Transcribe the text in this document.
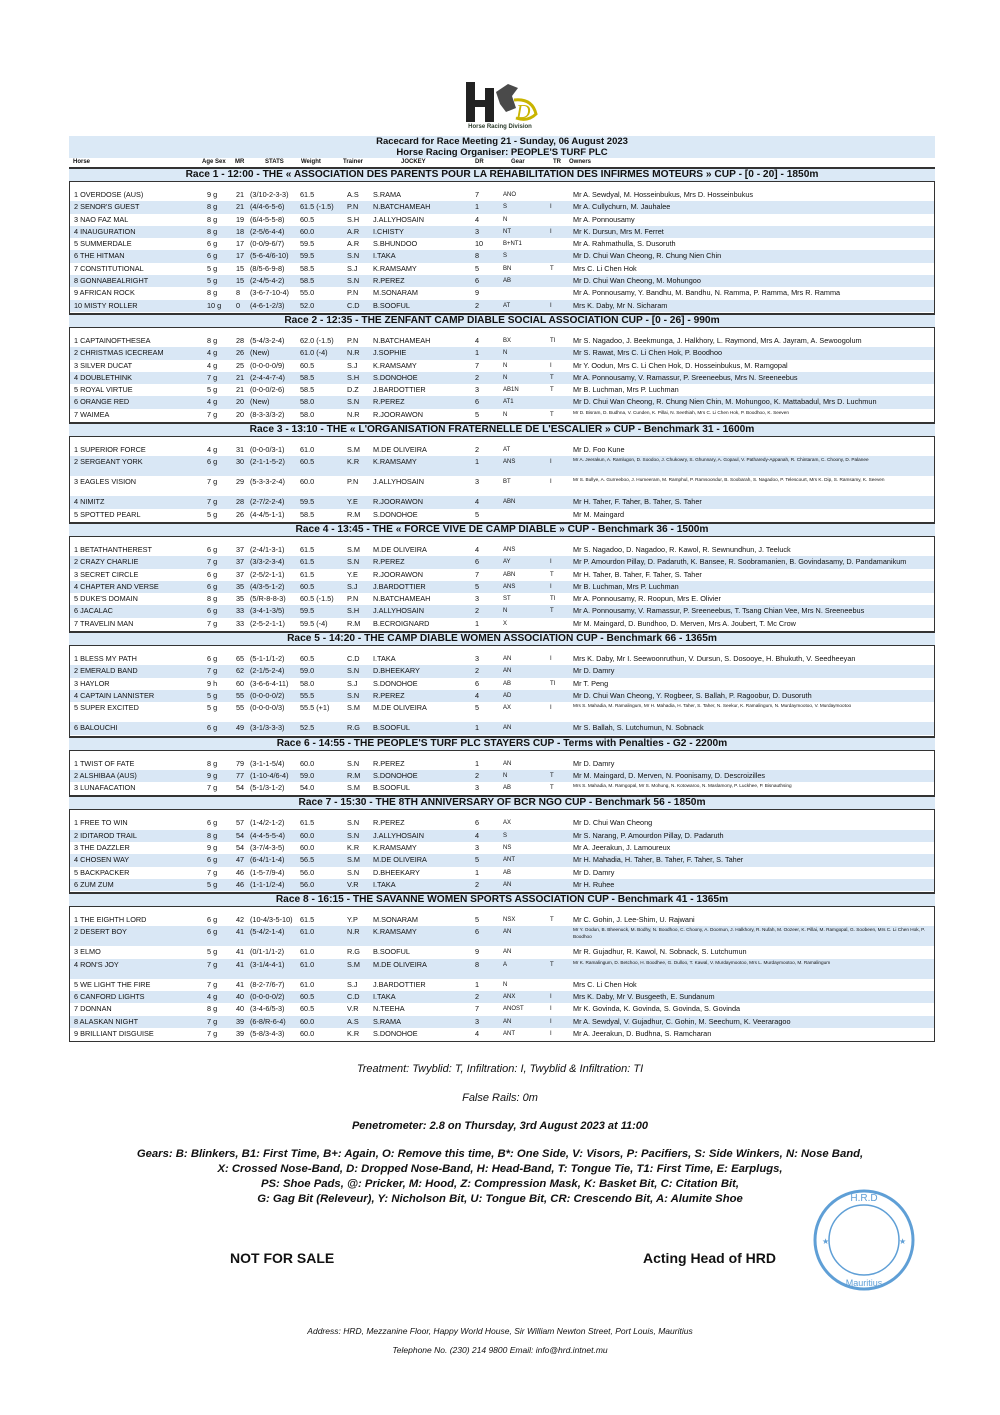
D
Horse Racing Division
Racecard for Race Meeting 21 - Sunday, 06 August 2023
Horse Racing Organiser: PEOPLE'S TURF PLC
Horse	Age Sex MR	STATS	Weight	Trainer	JOCKEY	DR	Gear	TR Owners
Race 1 - 12:00 - THE « ASSOCIATION DES PARENTS POUR LA RÉHABILITATION DES INFIRMES MOTEURS » CUP - [0 - 20] - 1850m
1 OVERDOSE (AUS)	9 g	21 (3/10-2-3-3)	61.5	A.S	S.RAMA	7	ANO	Mr A. Sewdyal, M. Hosseinbukus, Mrs D. Hosseinbukus
2 SENOR'S GUEST	8 g	21 (4/4-6-5-6)	61.5 (-1.5)	P.N	N.BATCHAMEAH	1	S	I	Mr A. Cullychurn, M. Jauhalee
3 NAO FAZ MAL	8 g	19 (6/4-5-5-8)	60.5	S.H	J.ALLYHOSAIN	4	N	Mr A. Ponnousamy
4 INAUGURATION	8 g	18 (2-5/6-4-4)	60.0	A.R	I.CHISTY	3	NT	I	Mr K. Dursun, Mrs M. Ferret
5 SUMMERDALE	6 g	17 (0-0/9-6/7)	59.5	A.R	S.BHUNDOO	10	B+NT1	Mr A. Rahmathulla, S. Dusoruth
6 THE HITMAN	6 g	17 (5-6-4/6-10)	59.5	S.N	I.TAKA	8	S	Mr D. Chui Wan Cheong, R. Chung Nien Chin
7 CONSTITUTIONAL	5 g	15 (8/5-6-9-8)	58.5	S.J	K.RAMSAMY	5	BN	T	Mrs C. Li Chen Hok
8 GONNABEALRIGHT	5 g	15 (2-4/5-4-2)	58.5	S.N	R.PEREZ	6	AB	Mr D. Chui Wan Cheong, M. Mohungoo
9 AFRICAN ROCK	8 g	8	(3-6-7-10-4)	55.0	P.N	M.SONARAM	9	Mr A. Ponnousamy, Y. Bandhu, M. Bandhu, N. Ramma, P. Ramma, Mrs R. Ramma
10 MISTY ROLLER	10 g	0	(4-6-1-2/3)	52.0	C.D	B.SOOFUL	2	AT	I	Mrs K. Daby, Mr N. Sicharam
Race 2 - 12:35 - THE ZENFANT CAMP DIABLE SOCIAL ASSOCIATION CUP - [0 - 26] - 990m
1 CAPTAINOFTHESEA	8 g	28 (5-4/3-2-4)	62.0 (-1.5)	P.N	N.BATCHAMEAH	4	BX	TI	Mr S. Nagadoo, J. Beekmunga, J. Halkhory, L. Raymond, Mrs A. Jayram, A. Sewoogolum
2 CHRISTMAS ICECREAM	4 g	26 (New)	61.0 (-4)	N.R	J.SOPHIE	1	N	Mr S. Rawat, Mrs C. Li Chen Hok, P. Boodhoo
3 SILVER DUCAT	4 g	25 (0-0-0-0/9)	60.5	S.J	K.RAMSAMY	7	N	I	Mr Y. Oodun, Mrs C. Li Chen Hok, D. Hosseinbukus, M. Ramgopal
4 DOUBLETHINK	7 g	21 (2-4-4-7-4)	58.5	S.H	S.DONOHOE	2	N	T	Mr A. Ponnousamy, V. Ramassur, P. Sreeneebus, Mrs N. Sreeneebus
5 ROYAL VIRTUE	5 g	21 (0-0-0/2-6)	58.5	D.Z	J.BARDOTTIER	3	AB1N	T	Mr B. Luchman, Mrs P. Luchman
6 ORANGE RED	4 g	20 (New)	58.0	S.N	R.PEREZ	6	AT1	Mr D. Chui Wan Cheong, R. Chung Nien Chin, M. Mohungoo, K. Mattabadul, Mrs D. Luchmun
7 WAIMEA	7 g	20 (8-3-3/3-2)	58.0	N.R	R.JOORAWON	5	N	T	Mr D. Bisram, D. Budhna, V. Cunden, K. Pillai, N. Seethiah, Mrs C. Li Chen Hok, P. Boodhoo, K. Seeven
Race 3 - 13:10 - THE « L'ORGANISATION FRATERNELLE DE L'ESCALIER » CUP - Benchmark 31 - 1600m
1 SUPERIOR FORCE	4 g	31 (0-0-0/3-1)	61.0	S.M	M.DE OLIVEIRA	2	AT	Mr D. Foo Kune
2 SERGEANT YORK	6 g	30 (2-1-1-5-2)	60.5	K.R	K.RAMSAMY	1	ANS	I	Mr A. Jeerakun, A. Ramlugon, D. Soodoo, J. Chukowry, S. Ghunnary, A. Gopaul, V. Patharedy-Appanah, R. Chintaram, C. Choony, D. Palanee
3 EAGLES VISION	7 g	29 (5-3-3-2-4)	60.0	P.N	J.ALLYHOSAIN	3	BT	I	Mr S. Bullye, A. Gurreeboo, J. Humeeram, M. Ramphul, P. Ramsoondur, B. Soobarah, S. Nagadoo, P. Telescourt, Mrs K. Dip, S. Ramsamy, K. Seeven
4 NIMITZ	7 g	28 (2-7/2-2-4)	59.5	Y.E	R.JOORAWON	4	ABN	Mr H. Taher, F. Taher, B. Taher, S. Taher
5 SPOTTED PEARL	5 g	26 (4-4/5-1-1)	58.5	R.M	S.DONOHOE	5	Mr M. Maingard
Race 4 - 13:45 - THE « FORCE VIVE DE CAMP DIABLE » CUP - Benchmark 36 - 1500m
1 BETATHANTHEREST	6 g	37 (2-4/1-3-1)	61.5	S.M	M.DE OLIVEIRA	4	ANS	Mr S. Nagadoo, D. Nagadoo, R. Kawol, R. Sewnundhun, J. Teeluck
2 CRAZY CHARLIE	7 g	37 (3/3-2-3-4)	61.5	S.N	R.PEREZ	6	AY	I	Mr P. Amourdon Pillay, D. Padaruth, K. Bansee, R. Soobramanien, B. Govindasamy, D. Pandamanikum
3 SECRET CIRCLE	6 g	37 (2-5/2-1-1)	61.5	Y.E	R.JOORAWON	7	ABN	T	Mr H. Taher, B. Taher, F. Taher, S. Taher
4 CHAPTER AND VERSE	6 g	35 (4/3-5-1-2)	60.5	S.J	J.BARDOTTIER	5	ANS	I	Mr B. Luchman, Mrs P. Luchman
5 DUKE'S DOMAIN	8 g	35 (5/R-8-8-3)	60.5 (-1.5)	P.N	N.BATCHAMEAH	3	ST	TI	Mr A. Ponnousamy, R. Roopun, Mrs E. Olivier
6 JACALAC	6 g	33 (3-4-1-3/5)	59.5	S.H	J.ALLYHOSAIN	2	N	T	Mr A. Ponnousamy, V. Ramassur, P. Sreeneebus, T. Tsang Chian Vee, Mrs N. Sreeneebus
7 TRAVELIN MAN	7 g	33 (2-5-2-1-1)	59.5 (-4)	R.M	B.ECROIGNARD	1	X	Mr M. Maingard, D. Bundhoo, D. Merven, Mrs A. Joubert, T. Mc Crow
Race 5 - 14:20 - THE CAMP DIABLE WOMEN ASSOCIATION CUP - Benchmark 66 - 1365m
1 BLESS MY PATH	6 g	65 (5-1-1/1-2)	60.5	C.D	I.TAKA	3	AN	I	Mrs K. Daby, Mr I. Seewoonruthun, V. Dursun, S. Dosooye, H. Bhukuth, V. Seedheeyan
2 EMERALD BAND	7 g	62 (2-1/5-2-4)	59.0	S.N	D.BHEEKARY	2	AN	Mr D. Damry
3 HAYLOR	9 h	60 (3-6-6-4-11)	58.0	S.J	S.DONOHOE	6	AB	TI	Mr T. Peng
4 CAPTAIN LANNISTER	5 g	55 (0-0-0-0/2)	55.5	S.N	R.PEREZ	4	AD	Mr D. Chui Wan Cheong, Y. Rogbeer, S. Ballah, P. Ragoobur, D. Dusoruth
5 SUPER EXCITED	5 g	55 (0-0-0-0/3)	55.5 (+1)	S.M	M.DE OLIVEIRA	5	AX	I	Mrs S. Mahadia, M. Ramalingum, Mr H. Mahadia, H. Taher, S. Taher, N. Seekur, K. Ramalingum, N. Murdaymootoo, V. Murdaymootoo
6 BALOUCHI	6 g	49 (3-1/3-3-3)	52.5	R.G	B.SOOFUL	1	AN	Mr S. Ballah, S. Lutchumun, N. Sobnack
Race 6 - 14:55 - THE PEOPLE'S TURF PLC STAYERS CUP - Terms with Penalties - G2 - 2200m
1 TWIST OF FATE	8 g	79 (3-1-1-5/4)	60.0	S.N	R.PEREZ	1	AN	Mr D. Damry
2 ALSHIBAA (AUS)	9 g	77 (1-10-4/6-4)	59.0	R.M	S.DONOHOE	2	N	T	Mr M. Maingard, D. Merven, N. Poonisamy, D. Descroizilles
3 LUNAFACATION	7 g	54 (5-1/3-1-2)	54.0	S.M	B.SOOFUL	3	AB	T	Mrs S. Mahadia, M. Ramgopal, Mr S. Mohung, N. Kotowaroo, N. Maslamony, P. Luckhee, P. Bisnauthsing
Race 7 - 15:30 - THE 8TH ANNIVERSARY OF BCR NGO CUP - Benchmark 56 - 1850m
1 FREE TO WIN	6 g	57 (1-4/2-1-2)	61.5	S.N	R.PEREZ	6	AX	Mr D. Chui Wan Cheong
2 IDITAROD TRAIL	8 g	54 (4-4-5-5-4)	60.0	S.N	J.ALLYHOSAIN	4	S	Mr S. Narang, P. Amourdon Pillay, D. Padaruth
3 THE DAZZLER	9 g	54 (3-7/4-3-5)	60.0	K.R	K.RAMSAMY	3	NS	Mr A. Jeerakun, J. Lamoureux
4 CHOSEN WAY	6 g	47 (6-4/1-1-4)	56.5	S.M	M.DE OLIVEIRA	5	ANT	Mr H. Mahadia, H. Taher, B. Taher, F. Taher, S. Taher
5 BACKPACKER	7 g	46 (1-5-7/9-4)	56.0	S.N	D.BHEEKARY	1	AB	Mr D. Damry
6 ZUM ZUM	5 g	46 (1-1-1/2-4)	56.0	V.R	I.TAKA	2	AN	Mr H. Ruhee
Race 8 - 16:15 - THE SAVANNE WOMEN SPORTS ASSOCIATION CUP - Benchmark 41 - 1365m
1 THE EIGHTH LORD	6 g	42 (10-4/3-5-10)	61.5	Y.P	M.SONARAM	5	NSX	T	Mr C. Gohin, J. Lee-Shim, U. Rajwani
2 DESERT BOY	6 g	41 (5-4/2-1-4)	61.0	N.R	K.RAMSAMY	6	AN	Mr Y. Oodun, B. Bheenuck, M. Bodhy, N. Boodhoo, C. Choony, A. Doomun, J. Halkhory, R. Nufah, M. Oozeer, K. Pillai, M. Ramgopal, G. Soobeen, Mrs C. Li Chen Hok, P. Boodhoo
3 ELMO	5 g	41 (0/1-1/1-2)	61.0	R.G	B.SOOFUL	9	AN	Mr R. Gujadhur, R. Kawol, N. Sobnack, S. Lutchumun
4 RON'S JOY	7 g	41 (3-1/4-4-1)	61.0	S.M	M.DE OLIVEIRA	8	A	T	Mr K. Ramalingum, D. Betchoo, H. Boodhee, G. Dulloo, T. Kawal, V. Murdaymootoo, Mrs L. Murdaymootoo, M. Ramalingum
5 WE LIGHT THE FIRE	7 g	41 (8-2-7/6-7)	61.0	S.J	J.BARDOTTIER	1	N	Mrs C. Li Chen Hok
6 CANFORD LIGHTS	4 g	40 (0-0-0-0/2)	60.5	C.D	I.TAKA	2	ANX	I	Mrs K. Daby, Mr V. Busgeeth, E. Sundanum
7 DONNAN	8 g	40 (3-4-6/5-3)	60.5	V.R	N.TEEHA	7	ANOST	I	Mr K. Govinda, K. Govinda, S. Govinda, S. Govinda
8 ALASKAN NIGHT	7 g	39 (6-8/R-6-4)	60.0	A.S	S.RAMA	3	AN	I	Mr A. Sewdyal, V. Gujadhur, C. Gohin, M. Seechurn, K. Veeraragoo
9 BRILLIANT DISGUISE	7 g	39 (5-8/3-4-3)	60.0	K.R	S.DONOHOE	4	ANT	I	Mr A. Jeerakun, D. Budhna, S. Ramcharan
Treatment: Twyblid: T, Infiltration: I, Twyblid & Infiltration: TI
False Rails: 0m
Penetrometer: 2.8 on Thursday, 3rd August 2023 at 11:00
Gears: B: Blinkers, B1: First Time, B+: Again, O: Remove this time, B*: One Side, V: Visors, P: Pacifiers, S: Side Winkers, N: Nose Band,
X: Crossed Nose-Band, D: Dropped Nose-Band, H: Head-Band, T: Tongue Tie, T1: First Time, E: Earplugs,
PS: Shoe Pads, @: Pricker, M: Hood, Z: Compression Mask, K: Basket Bit, C: Citation Bit,
G: Gag Bit (Releveur), Y: Nicholson Bit, U: Tongue Bit, CR: Crescendo Bit, A: Alumite Shoe
NOT FOR SALE	Acting Head of HRD
H.R.D
Mauritius
★	★
Address: HRD, Mezzanine Floor, Happy World House, Sir William Newton Street, Port Louis, Mauritius
Telephone No. (230) 214 9800 Email: info@hrd.intnet.mu
